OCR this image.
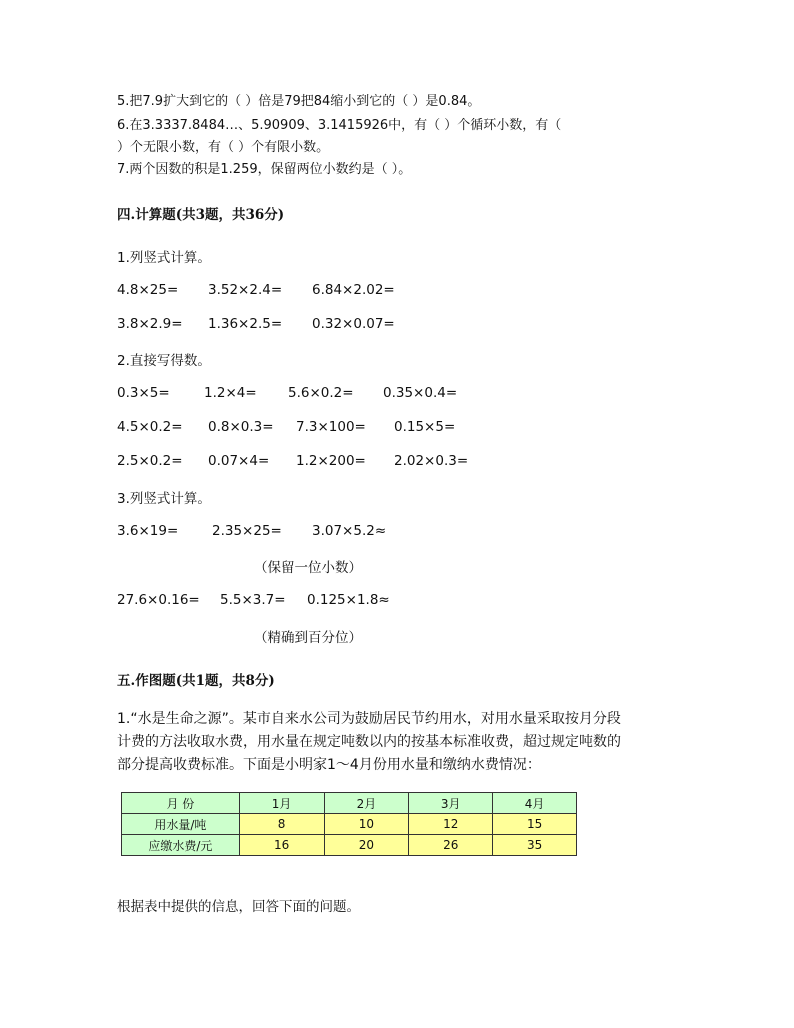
5.把7.9扩大到它的（ ）倍是79把84缩小到它的（ ）是0.84。
6.在3.3337.8484…、5.90909、3.1415926中，有（ ）个循环小数，有（
）个无限小数，有（ ）个有限小数。
7.两个因数的积是1.259，保留两位小数约是（ ）。
四.计算题(共3题，共36分)
1.列竖式计算。
4.8×25= 3.52×2.4= 6.84×2.02=
3.8×2.9= 1.36×2.5= 0.32×0.07=
2.直接写得数。
0.3×5=	1.2×4= 5.6×0.2= 0.35×0.4=
4.5×0.2= 0.8×0.3= 7.3×100= 0.15×5=
2.5×0.2= 0.07×4= 1.2×200= 2.02×0.3=
3.列竖式计算。
3.6×19= 2.35×25= 3.07×5.2≈
（保留一位小数）
27.6×0.16= 5.5×3.7= 0.125×1.8≈
（精确到百分位）
五.作图题(共1题，共8分)
1.“水是生命之源”。某市自来水公司为鼓励居民节约用水，对用水量采取按月分段
计费的方法收取水费，用水量在规定吨数以内的按基本标准收费，超过规定吨数的
部分提高收费标准。下面是小明家1～4月份用水量和缴纳水费情况：
月 份	1月	2月	3月	4月
用水量/吨	8	10	12	15
应缴水费/元	16	20	26	35
根据表中提供的信息，回答下面的问题。
